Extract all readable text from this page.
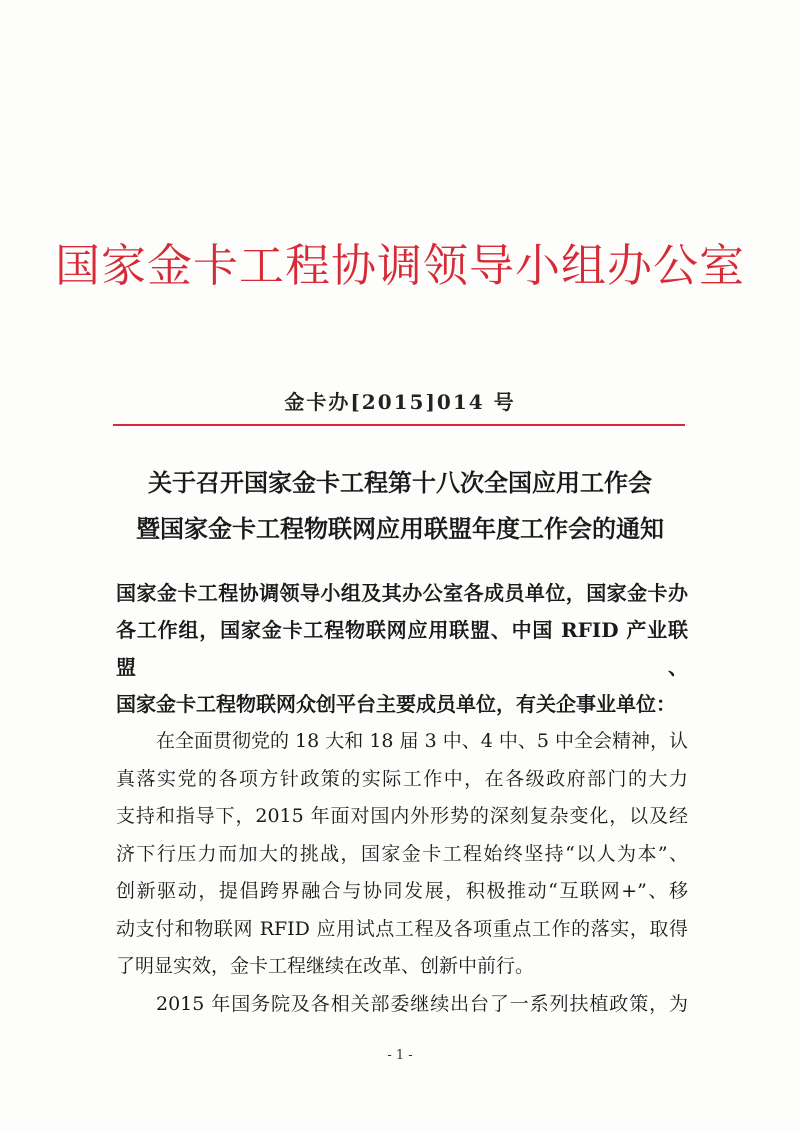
国家金卡工程协调领导小组办公室
金卡办[2015]014 号
关于召开国家金卡工程第十八次全国应用工作会
暨国家金卡工程物联网应用联盟年度工作会的通知

国家金卡工程协调领导小组及其办公室各成员单位，国家金卡办

各工作组，国家金卡工程物联网应用联盟、中国 RFID 产业联盟、

国家金卡工程物联网众创平台主要成员单位，有关企事业单位：

在全面贯彻党的 18 大和 18 届 3 中、4 中、5 中全会精神，认
真落实党的各项方针政策的实际工作中，在各级政府部门的大力
支持和指导下，2015 年面对国内外形势的深刻复杂变化，以及经
济下行压力而加大的挑战，国家金卡工程始终坚持“以人为本”、
创新驱动，提倡跨界融合与协同发展，积极推动“互联网+”、移
动支付和物联网 RFID 应用试点工程及各项重点工作的落实，取得
了明显实效，金卡工程继续在改革、创新中前行。
2015 年国务院及各相关部委继续出台了一系列扶植政策，为
- 1 -
